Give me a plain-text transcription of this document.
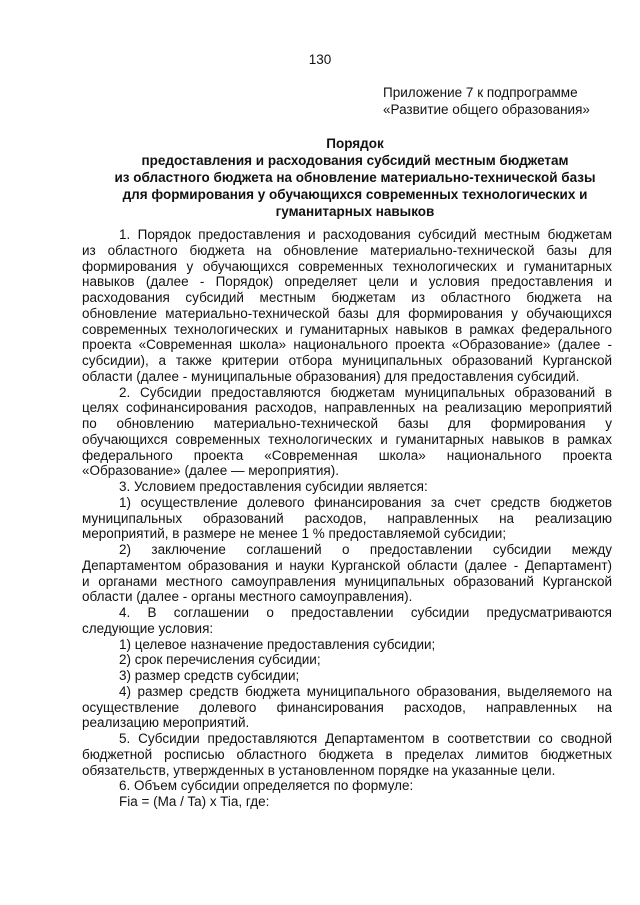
130
Приложение 7 к подпрограмме
«Развитие общего образования»
Порядок
предоставления и расходования субсидий местным бюджетам
из областного бюджета на обновление материально-технической базы
для формирования у обучающихся современных технологических и
гуманитарных навыков
1. Порядок предоставления и расходования субсидий местным бюджетам
из областного бюджета на обновление материально-технической базы для
формирования у обучающихся современных технологических и гуманитарных
навыков (далее - Порядок) определяет цели и условия предоставления и
расходования субсидий местным бюджетам из областного бюджета на
обновление материально-технической базы для формирования у обучающихся
современных технологических и гуманитарных навыков в рамках федерального
проекта «Современная школа» национального проекта «Образование» (далее -
субсидии), а также критерии отбора муниципальных образований Курганской
области (далее - муниципальные образования) для предоставления субсидий.
2. Субсидии предоставляются бюджетам муниципальных образований в
целях софинансирования расходов, направленных на реализацию мероприятий
по обновлению материально-технической базы для формирования у
обучающихся современных технологических и гуманитарных навыков в рамках
федерального проекта «Современная школа» национального проекта
«Образование» (далее — мероприятия).
3. Условием предоставления субсидии является:
1) осуществление долевого финансирования за счет средств бюджетов
муниципальных образований расходов, направленных на реализацию
мероприятий, в размере не менее 1 % предоставляемой субсидии;
2) заключение соглашений о предоставлении субсидии между
Департаментом образования и науки Курганской области (далее - Департамент)
и органами местного самоуправления муниципальных образований Курганской
области (далее - органы местного самоуправления).
4. В соглашении о предоставлении субсидии предусматриваются
следующие условия:
1) целевое назначение предоставления субсидии;
2) срок перечисления субсидии;
3) размер средств субсидии;
4) размер средств бюджета муниципального образования, выделяемого на
осуществление долевого финансирования расходов, направленных на
реализацию мероприятий.
5. Субсидии предоставляются Департаментом в соответствии со сводной
бюджетной росписью областного бюджета в пределах лимитов бюджетных
обязательств, утвержденных в установленном порядке на указанные цели.
6. Объем субсидии определяется по формуле:
Fia = (Ma / Ta) x Tia, где:
